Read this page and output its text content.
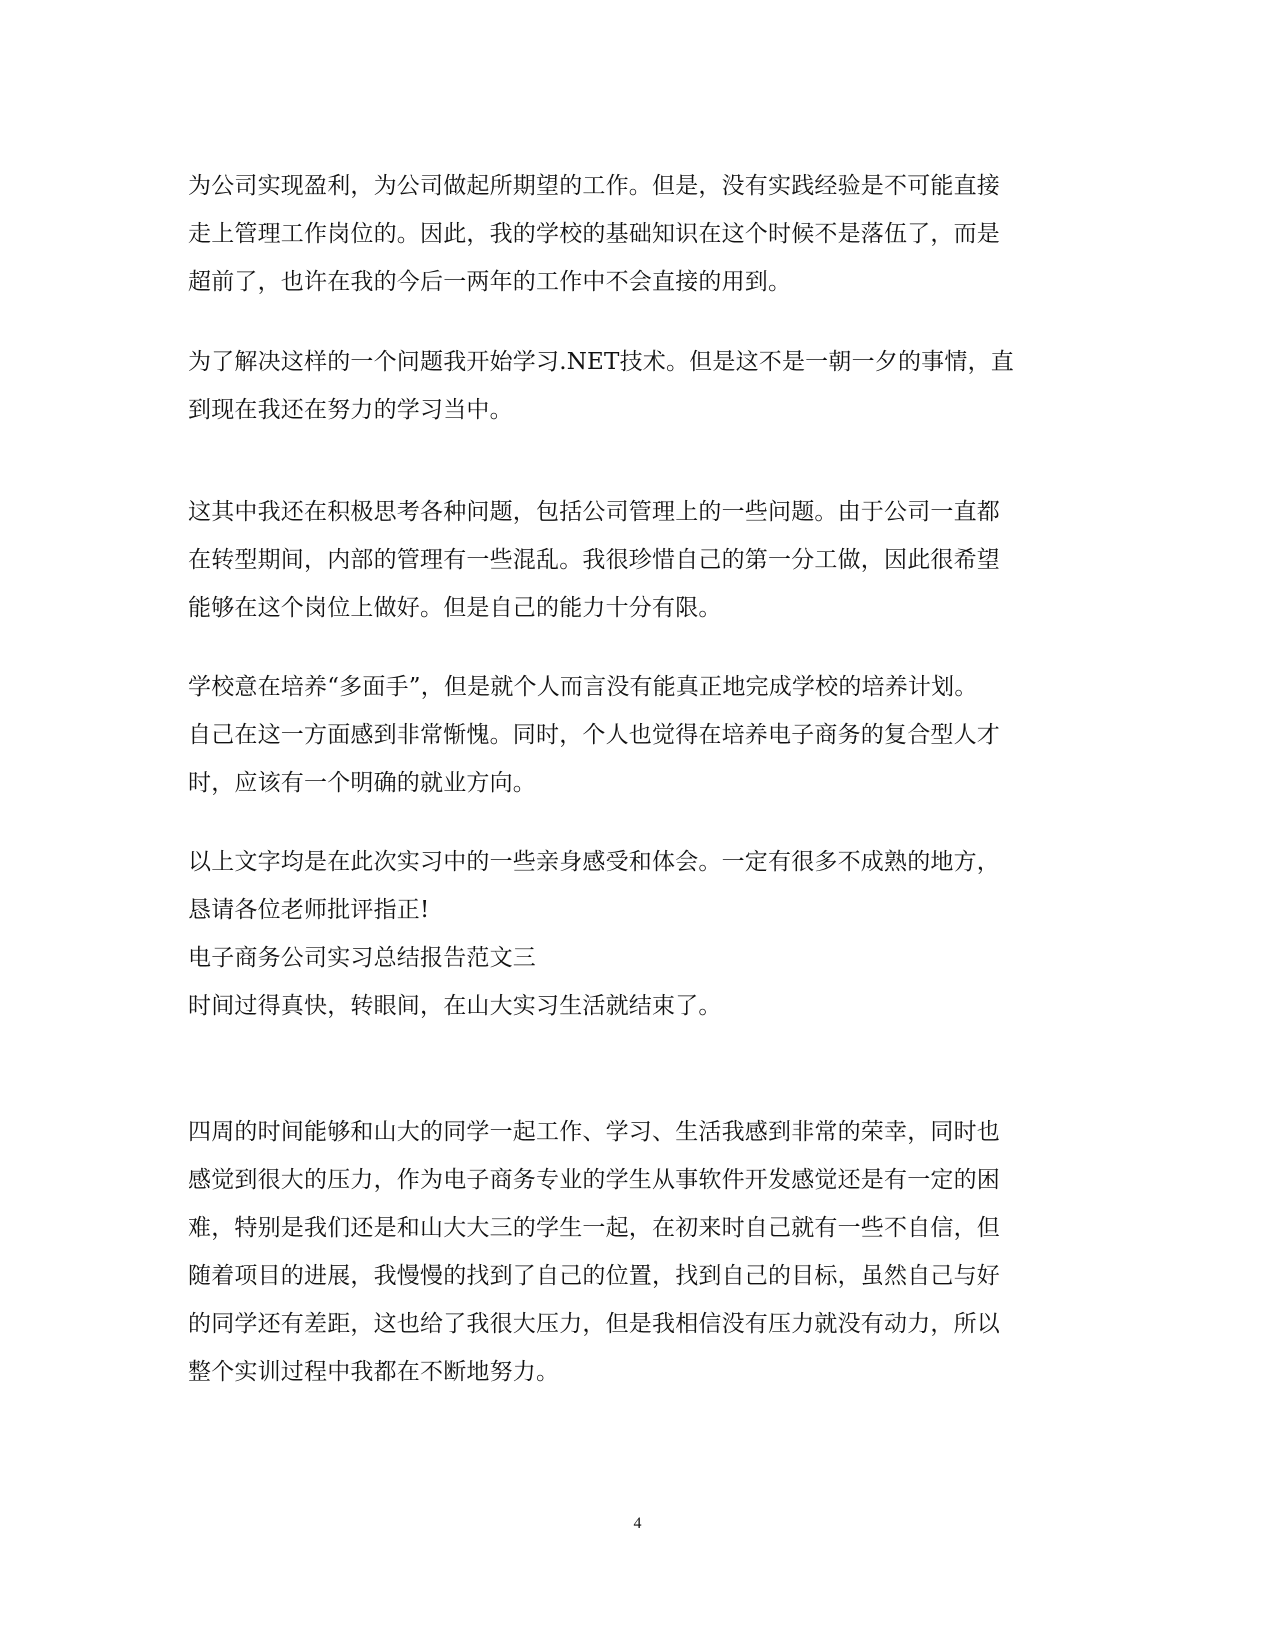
为公司实现盈利，为公司做起所期望的工作。但是，没有实践经验是不可能直接
走上管理工作岗位的。因此，我的学校的基础知识在这个时候不是落伍了，而是
超前了，也许在我的今后一两年的工作中不会直接的用到。
为了解决这样的一个问题我开始学习.NET技术。但是这不是一朝一夕的事情，直
到现在我还在努力的学习当中。
这其中我还在积极思考各种问题，包括公司管理上的一些问题。由于公司一直都
在转型期间，内部的管理有一些混乱。我很珍惜自己的第一分工做，因此很希望
能够在这个岗位上做好。但是自己的能力十分有限。
学校意在培养“多面手”，但是就个人而言没有能真正地完成学校的培养计划。
自己在这一方面感到非常惭愧。同时，个人也觉得在培养电子商务的复合型人才
时，应该有一个明确的就业方向。
以上文字均是在此次实习中的一些亲身感受和体会。一定有很多不成熟的地方，
恳请各位老师批评指正!
电子商务公司实习总结报告范文三
时间过得真快，转眼间，在山大实习生活就结束了。
四周的时间能够和山大的同学一起工作、学习、生活我感到非常的荣幸，同时也
感觉到很大的压力，作为电子商务专业的学生从事软件开发感觉还是有一定的困
难，特别是我们还是和山大大三的学生一起，在初来时自己就有一些不自信，但
随着项目的进展，我慢慢的找到了自己的位置，找到自己的目标，虽然自己与好
的同学还有差距，这也给了我很大压力，但是我相信没有压力就没有动力，所以
整个实训过程中我都在不断地努力。
4
